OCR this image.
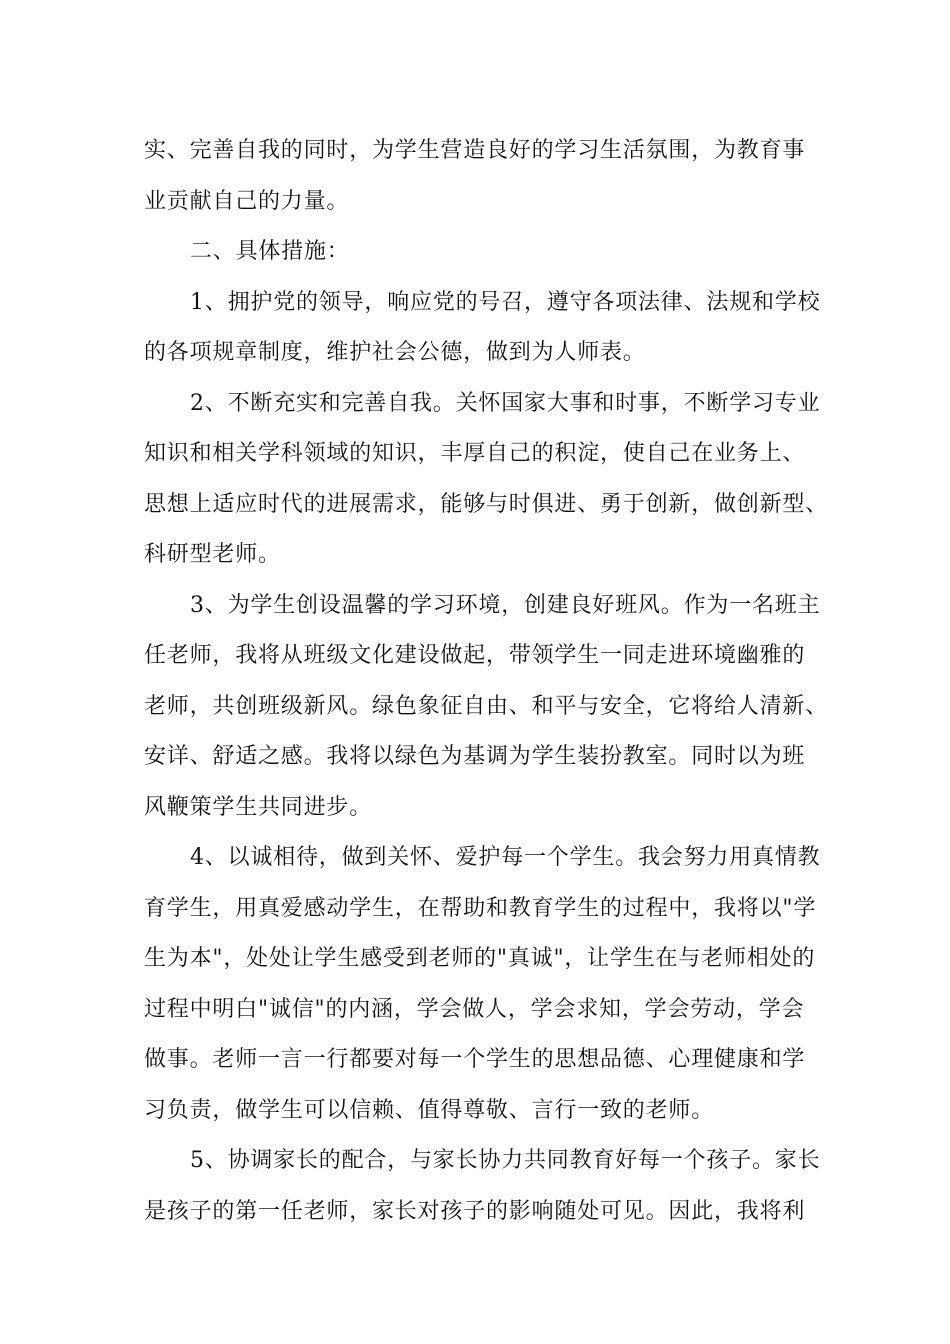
实、完善自我的同时，为学生营造良好的学习生活氛围，为教育事
业贡献自己的力量。
二、具体措施：
1、拥护党的领导，响应党的号召，遵守各项法律、法规和学校
的各项规章制度，维护社会公德，做到为人师表。
2、不断充实和完善自我。关怀国家大事和时事，不断学习专业
知识和相关学科领域的知识，丰厚自己的积淀，使自己在业务上、
思想上适应时代的进展需求，能够与时俱进、勇于创新，做创新型、
科研型老师。
3、为学生创设温馨的学习环境，创建良好班风。作为一名班主
任老师，我将从班级文化建设做起，带领学生一同走进环境幽雅的
老师，共创班级新风。绿色象征自由、和平与安全，它将给人清新、
安详、舒适之感。我将以绿色为基调为学生装扮教室。同时以为班
风鞭策学生共同进步。
4、以诚相待，做到关怀、爱护每一个学生。我会努力用真情教
育学生，用真爱感动学生，在帮助和教育学生的过程中，我将以"学
生为本"，处处让学生感受到老师的"真诚"，让学生在与老师相处的
过程中明白"诚信"的内涵，学会做人，学会求知，学会劳动，学会
做事。老师一言一行都要对每一个学生的思想品德、心理健康和学
习负责，做学生可以信赖、值得尊敬、言行一致的老师。
5、协调家长的配合，与家长协力共同教育好每一个孩子。家长
是孩子的第一任老师，家长对孩子的影响随处可见。因此，我将利
